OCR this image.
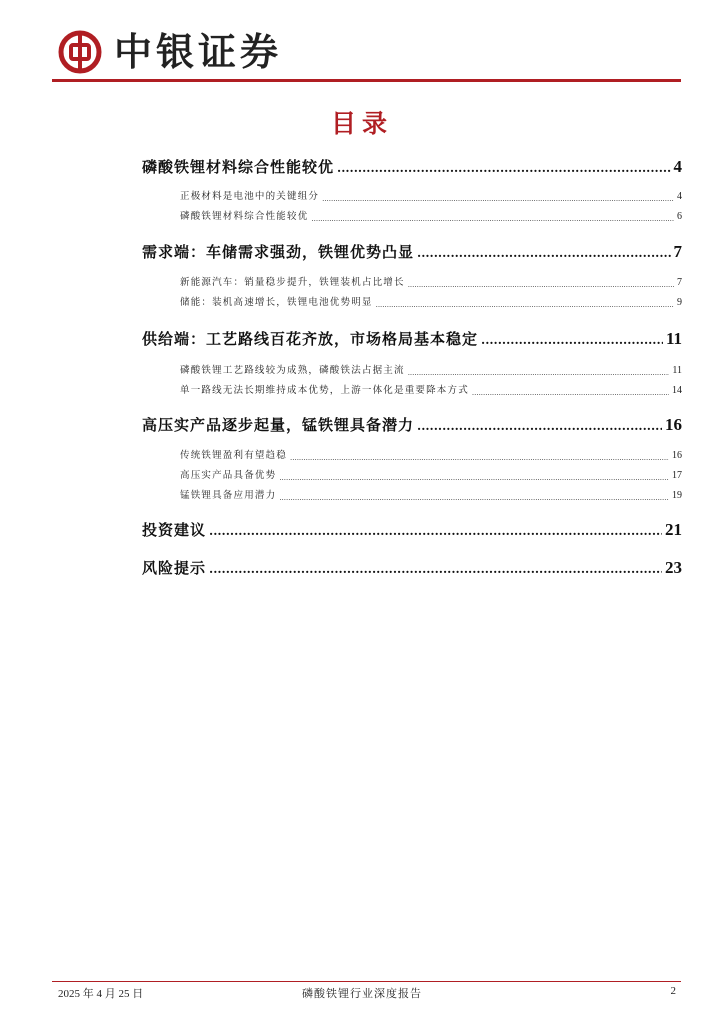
中银证券
目录
磷酸铁锂材料综合性能较优 .....	4
正极材料是电池中的关键组分 .....	4
磷酸铁锂材料综合性能较优 .....	6
需求端：车储需求强劲，铁锂优势凸显 .....	7
新能源汽车：销量稳步提升，铁锂装机占比增长 .....	7
储能：装机高速增长，铁锂电池优势明显 .....	9
供给端：工艺路线百花齐放，市场格局基本稳定 .....	11
磷酸铁锂工艺路线较为成熟，磷酸铁法占据主流 .....	11
单一路线无法长期维持成本优势，上游一体化是重要降本方式 .....	14
高压实产品逐步起量，锰铁锂具备潜力 .....	16
传统铁锂盈利有望趋稳 .....	16
高压实产品具备优势 .....	17
锰铁锂具备应用潜力 .....	19
投资建议 .....	21
风险提示 .....	23
2025 年 4 月 25 日	磷酸铁锂行业深度报告	2
